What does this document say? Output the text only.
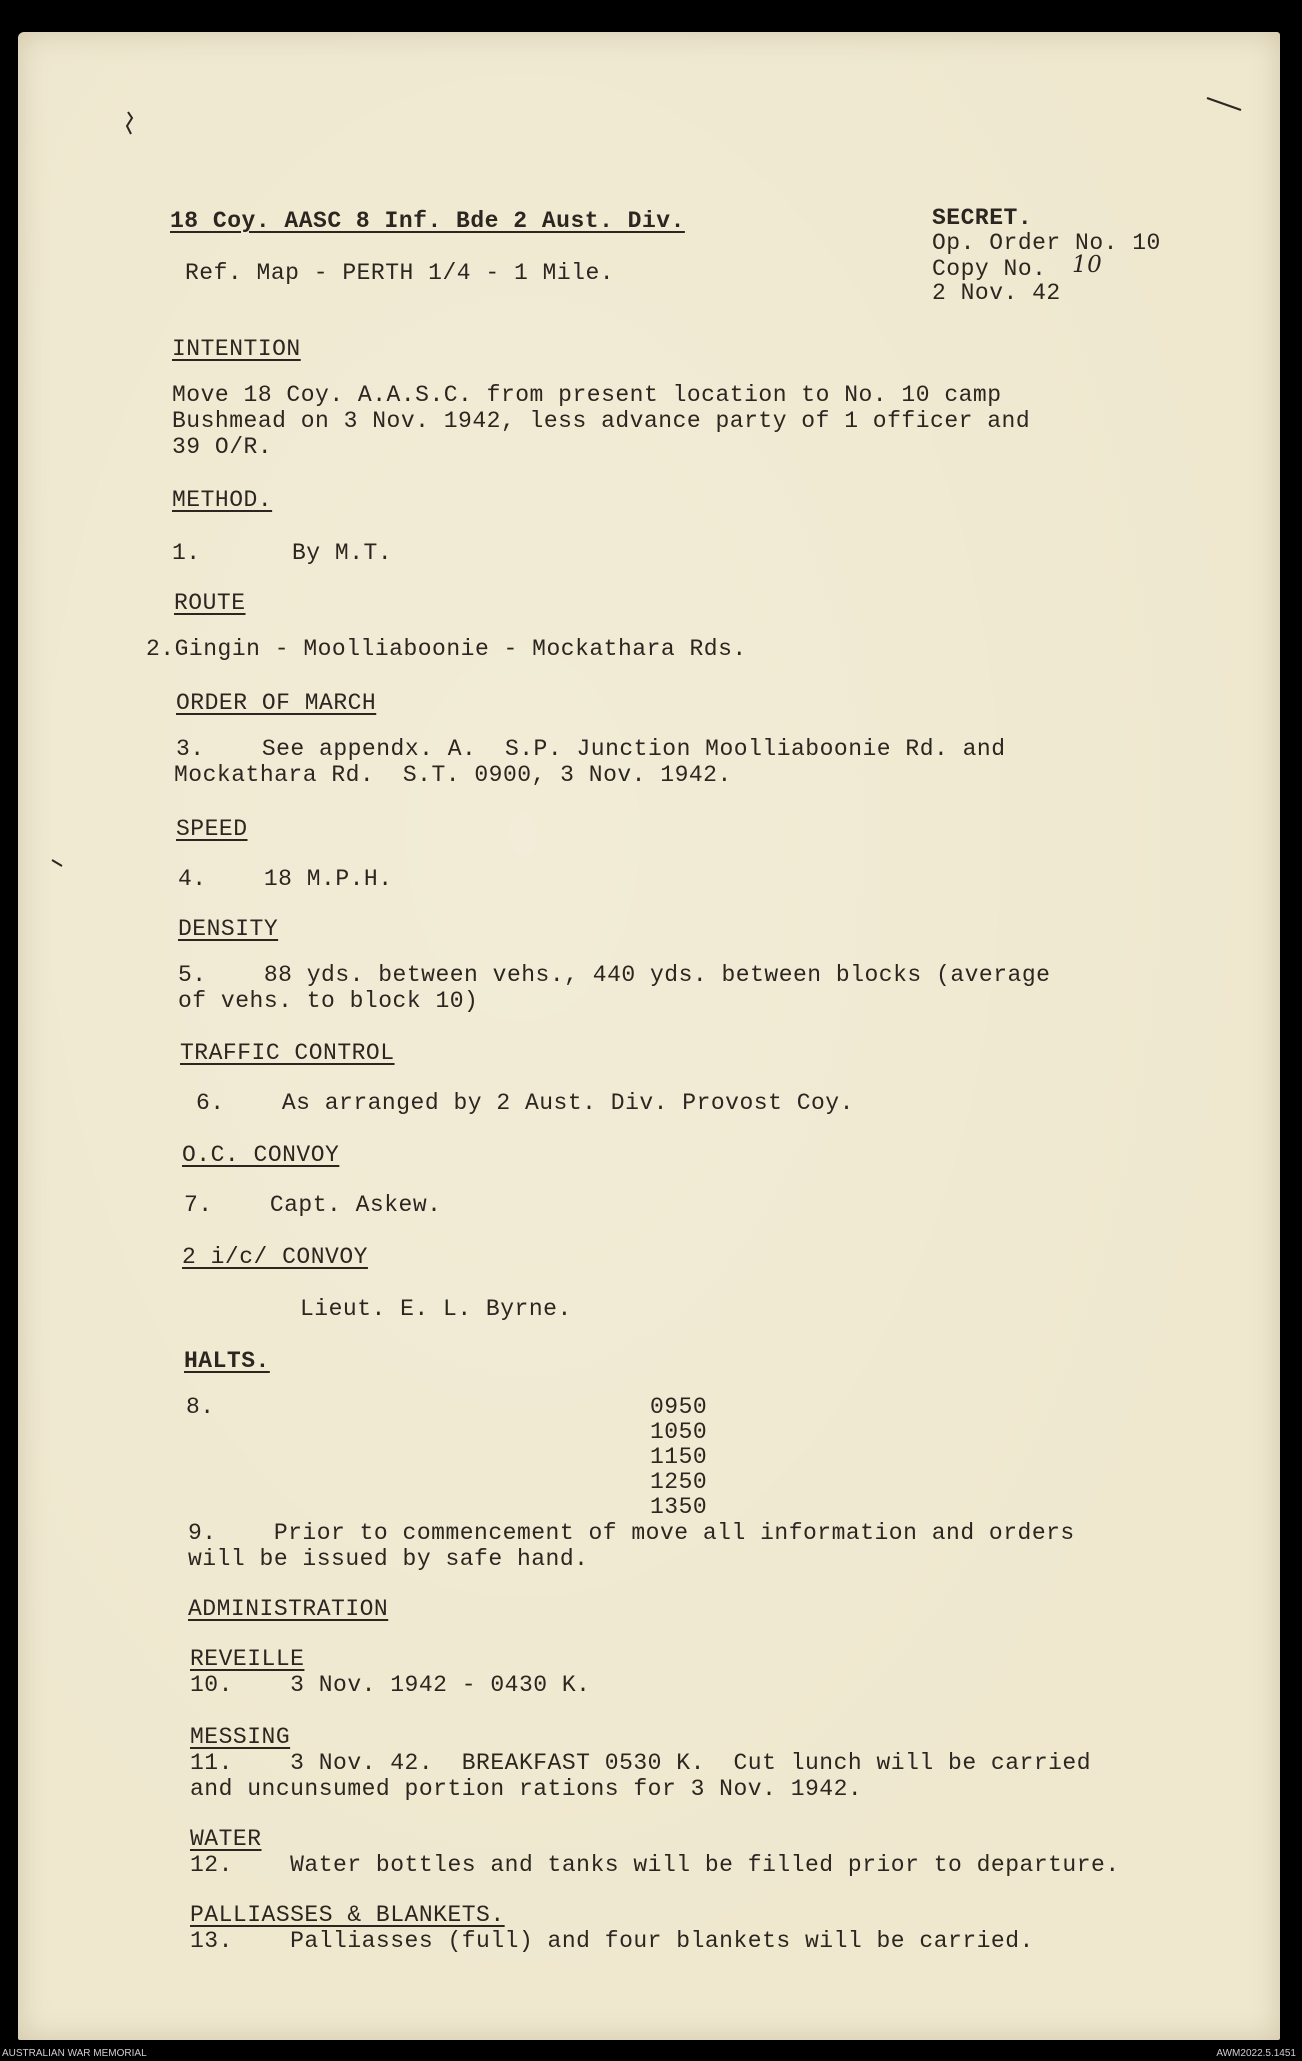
18 Coy. AASC 8 Inf. Bde 2 Aust. Div.
Ref. Map - PERTH 1/4 - 1 Mile.
SECRET.
Op. Order No. 10
Copy No. 10
2 Nov. 42
INTENTION
Move 18 Coy. A.A.S.C. from present location to No. 10 camp
Bushmead on 3 Nov. 1942, less advance party of 1 officer and
39 O/R.
METHOD.
1.	By M.T.
ROUTE
2.Gingin - Moolliaboonie - Mockathara Rds.
ORDER OF MARCH
3.    See appendx. A.  S.P. Junction Moolliaboonie Rd. and
Mockathara Rd.  S.T. 0900, 3 Nov. 1942.
SPEED
4.    18 M.P.H.
DENSITY
5.    88 yds. between vehs., 440 yds. between blocks (average
of vehs. to block 10)
TRAFFIC CONTROL
6.    As arranged by 2 Aust. Div. Provost Coy.
O.C. CONVOY
7.    Capt. Askew.
2 i/c/ CONVOY
Lieut. E. L. Byrne.
HALTS.
8.	0950
1050
1150
1250
1350
9.    Prior to commencement of move all information and orders
will be issued by safe hand.
ADMINISTRATION
REVEILLE
10.    3 Nov. 1942 - 0430 K.
MESSING
11.    3 Nov. 42.  BREAKFAST 0530 K.  Cut lunch will be carried
and uncunsumed portion rations for 3 Nov. 1942.
WATER
12.    Water bottles and tanks will be filled prior to departure.
PALLIASSES & BLANKETS.
13.    Palliasses (full) and four blankets will be carried.
AUSTRALIAN WAR MEMORIAL	AWM2022.5.1451
